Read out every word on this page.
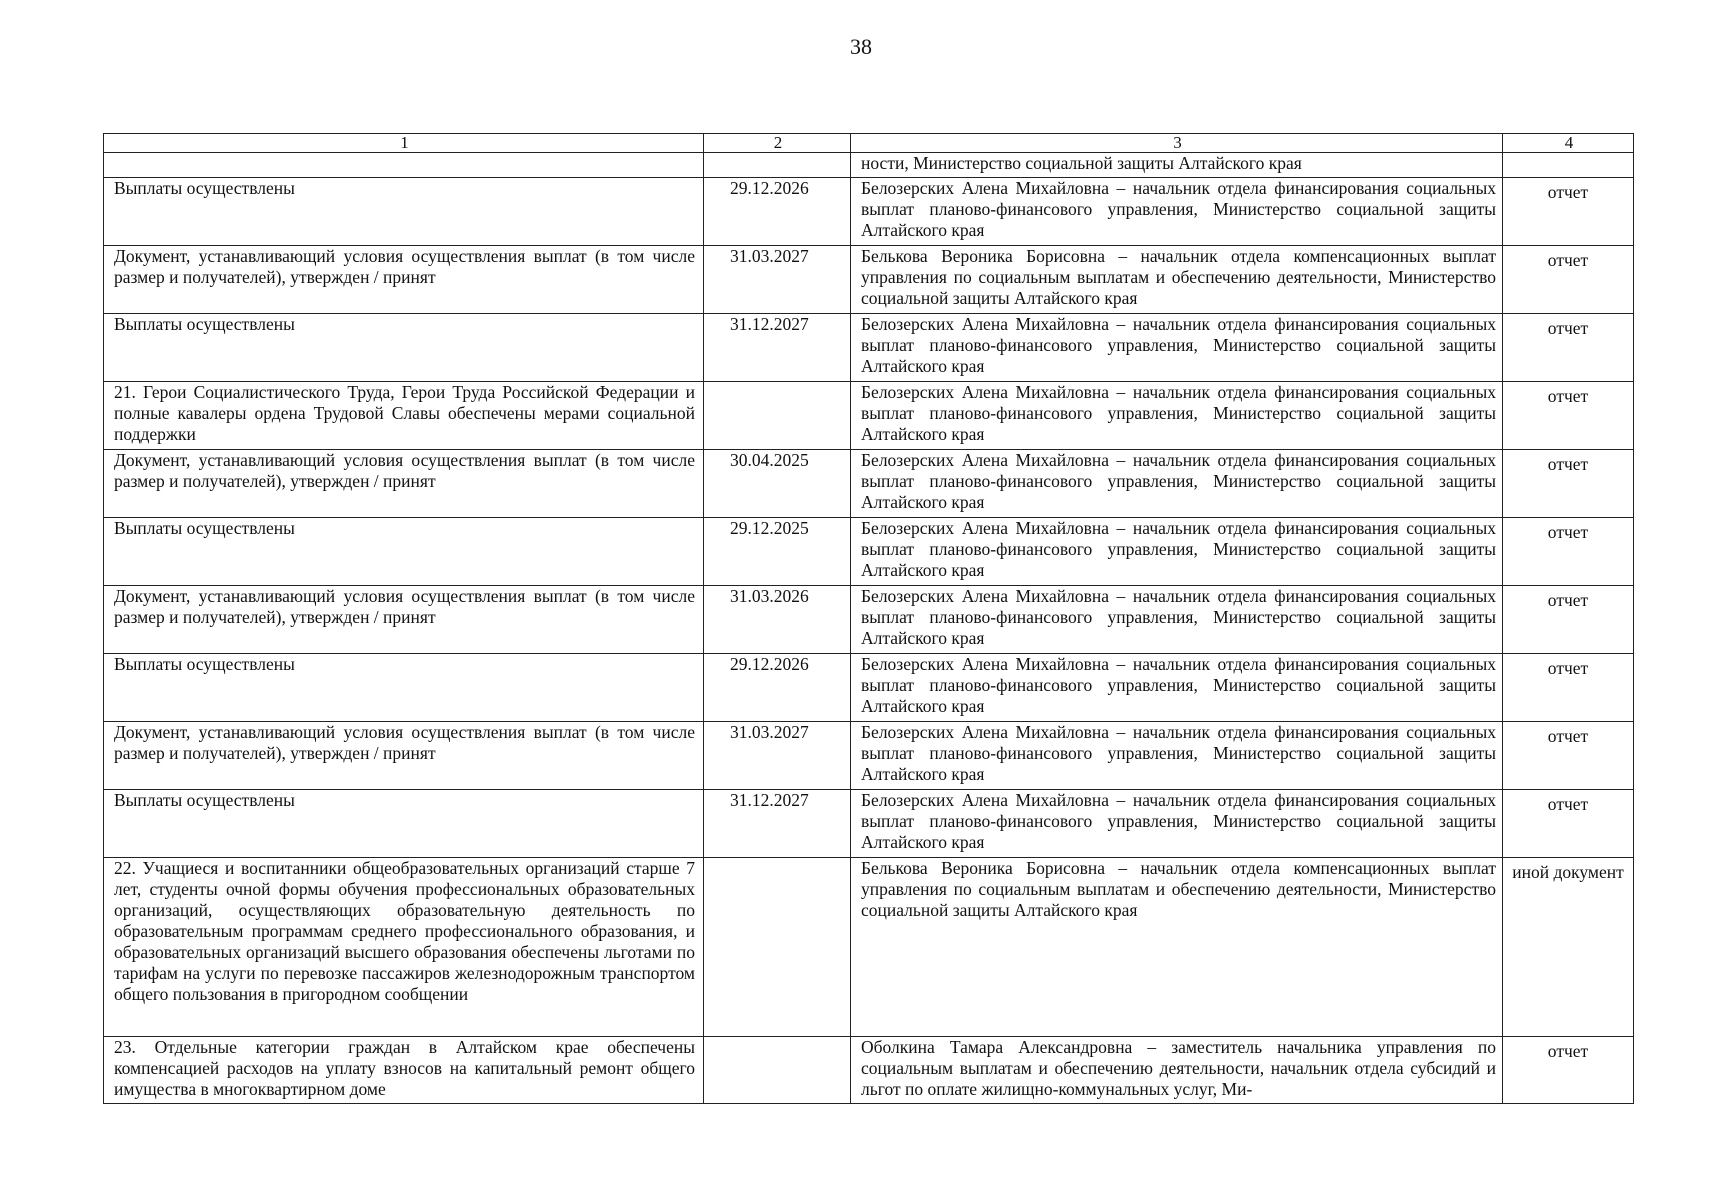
38
1	2	3	4
		ности, Министерство социальной защиты Алтайского края	
Выплаты осуществлены	29.12.2026	Белозерских Алена Михайловна – начальник отдела финансирования социальных выплат планово-финансового управления, Министерство социальной защиты Алтайского края	отчет
Документ, устанавливающий условия осуществления выплат (в том числе размер и получателей), утвержден / принят	31.03.2027	Белькова Вероника Борисовна – начальник отдела компенсационных выплат управления по социальным выплатам и обеспечению деятельности, Министерство социальной защиты Алтайского края	отчет
Выплаты осуществлены	31.12.2027	Белозерских Алена Михайловна – начальник отдела финансирования социальных выплат планово-финансового управления, Министерство социальной защиты Алтайского края	отчет
21. Герои Социалистического Труда, Герои Труда Российской Федерации и полные кавалеры ордена Трудовой Славы обеспечены мерами социальной поддержки		Белозерских Алена Михайловна – начальник отдела финансирования социальных выплат планово-финансового управления, Министерство социальной защиты Алтайского края	отчет
Документ, устанавливающий условия осуществления выплат (в том числе размер и получателей), утвержден / принят	30.04.2025	Белозерских Алена Михайловна – начальник отдела финансирования социальных выплат планово-финансового управления, Министерство социальной защиты Алтайского края	отчет
Выплаты осуществлены	29.12.2025	Белозерских Алена Михайловна – начальник отдела финансирования социальных выплат планово-финансового управления, Министерство социальной защиты Алтайского края	отчет
Документ, устанавливающий условия осуществления выплат (в том числе размер и получателей), утвержден / принят	31.03.2026	Белозерских Алена Михайловна – начальник отдела финансирования социальных выплат планово-финансового управления, Министерство социальной защиты Алтайского края	отчет
Выплаты осуществлены	29.12.2026	Белозерских Алена Михайловна – начальник отдела финансирования социальных выплат планово-финансового управления, Министерство социальной защиты Алтайского края	отчет
Документ, устанавливающий условия осуществления выплат (в том числе размер и получателей), утвержден / принят	31.03.2027	Белозерских Алена Михайловна – начальник отдела финансирования социальных выплат планово-финансового управления, Министерство социальной защиты Алтайского края	отчет
Выплаты осуществлены	31.12.2027	Белозерских Алена Михайловна – начальник отдела финансирования социальных выплат планово-финансового управления, Министерство социальной защиты Алтайского края	отчет
22. Учащиеся и воспитанники общеобразовательных организаций старше 7 лет, студенты очной формы обучения профессиональных образовательных организаций, осуществляющих образовательную деятельность по образовательным программам среднего профессионального образования, и образовательных организаций высшего образования обеспечены льготами по тарифам на услуги по перевозке пассажиров железнодорожным транспортом общего пользования в пригородном сообщении		Белькова Вероника Борисовна – начальник отдела компенсационных выплат управления по социальным выплатам и обеспечению деятельности, Министерство социальной защиты Алтайского края	иной документ
23. Отдельные категории граждан в Алтайском крае обеспечены компенсацией расходов на уплату взносов на капитальный ремонт общего имущества в многоквартирном доме		Оболкина Тамара Александровна – заместитель начальника управления по социальным выплатам и обеспечению деятельности, начальник отдела субсидий и льгот по оплате жилищно-коммунальных услуг, Ми-	отчет
